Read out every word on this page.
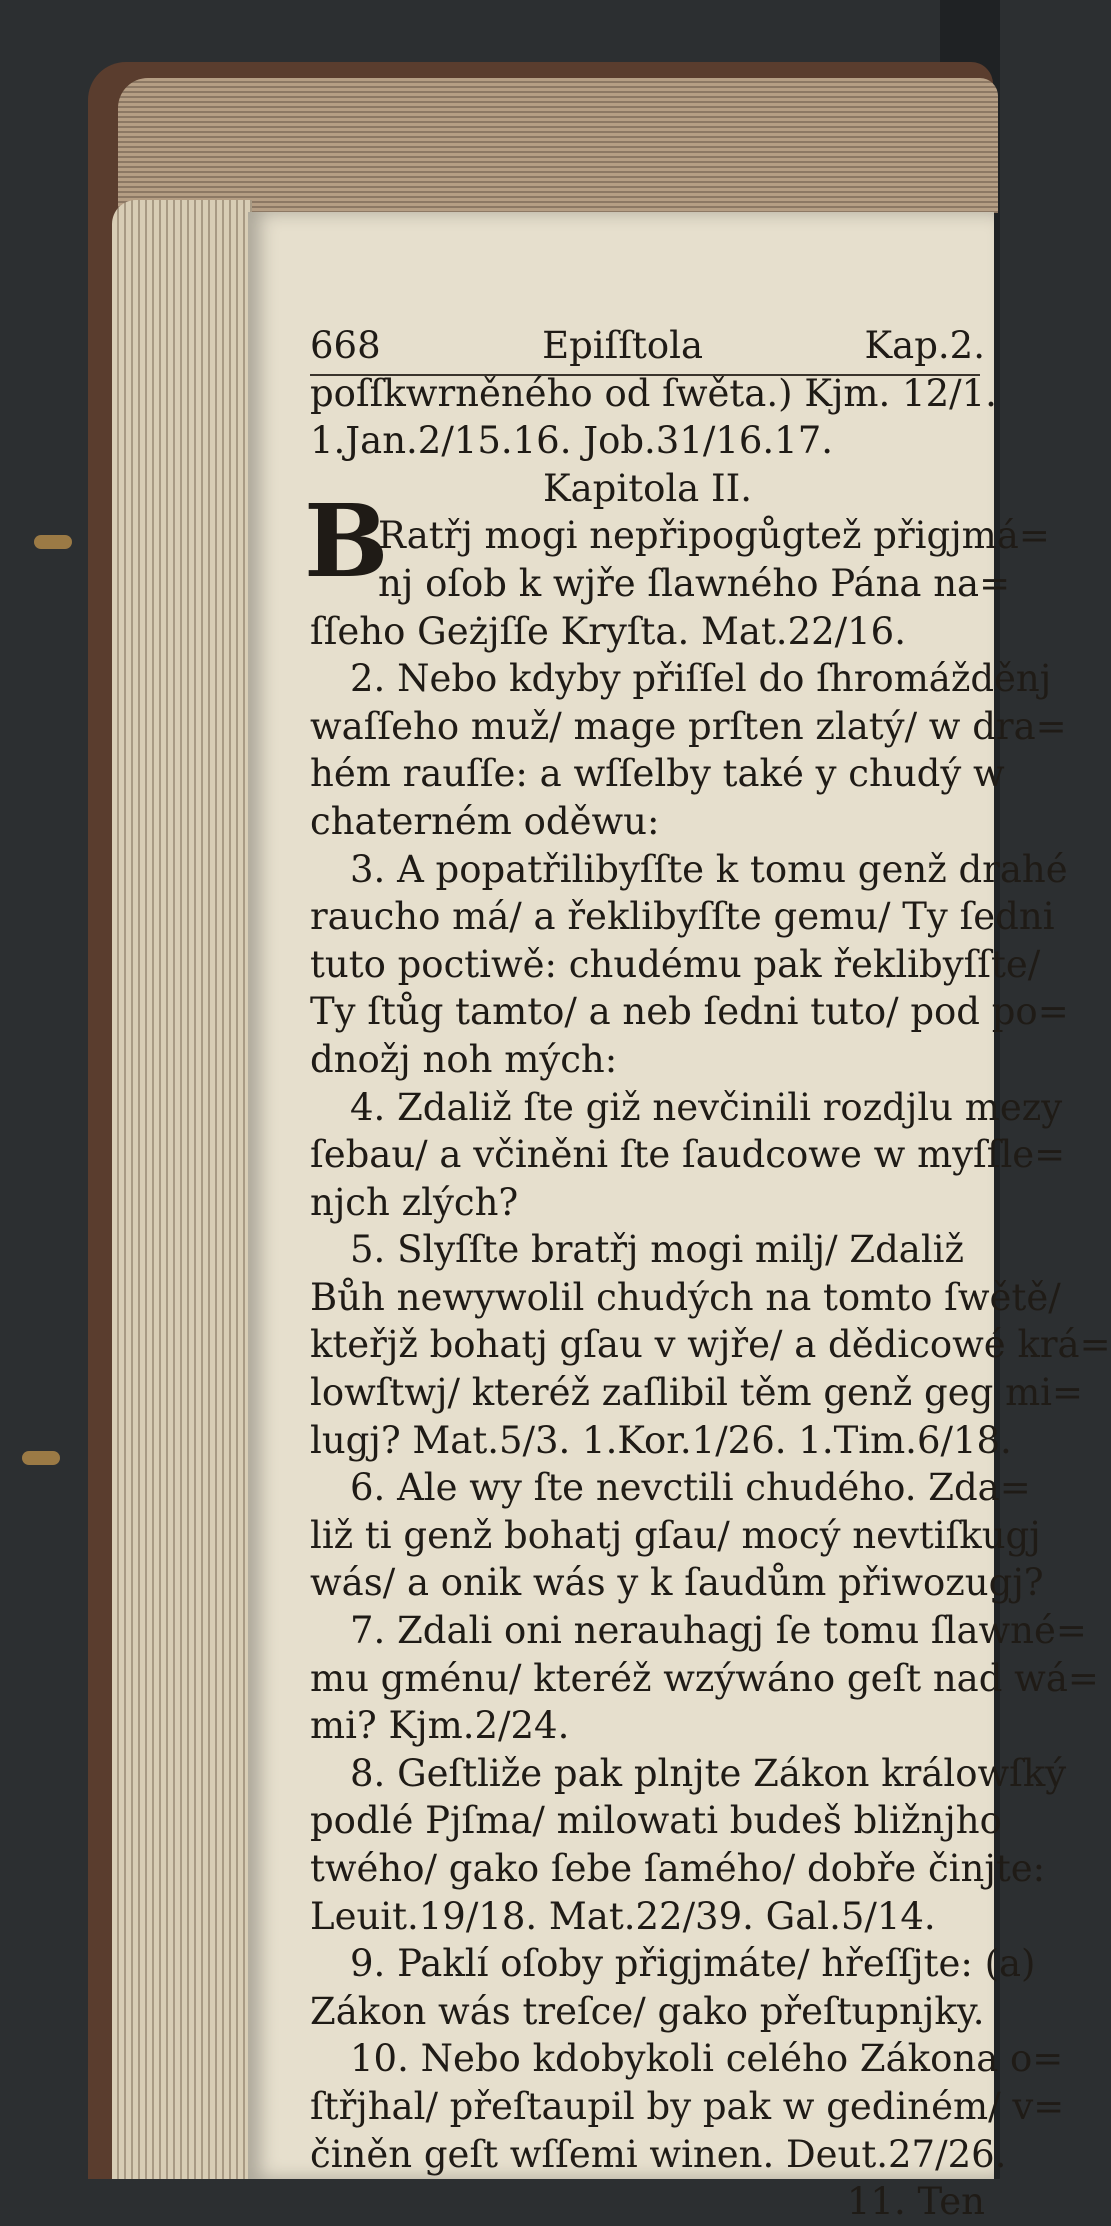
668	Epiſſtola	Kap.2.
poſſkwrněného od ſwěta.) Kjm. 12/1.
1.Jan.2/15.16. Job.31/16.17.
Kapitola II.
B
Ratřj mogi nepřipogůgtež přigjmá=
nj oſob k wjře ſlawného Pána na=
ſſeho Geżjſſe Kryſta. Mat.22/16.
2. Nebo kdyby přiſſel do ſhromážděnj
waſſeho muž/ mage prſten zlatý/ w dra=
hém rauſſe: a wſſelby také y chudý w
chaterném oděwu:
3. A popatřilibyſſte k tomu genž drahé
raucho má/ a řeklibyſſte gemu/ Ty ſedni
tuto poctiwě: chudému pak řeklibyſſte/
Ty ſtůg tamto/ a neb ſedni tuto/ pod po=
dnožj noh mých:
4. Zdaliž ſte giž nevčinili rozdjlu mezy
ſebau/ a včiněni ſte ſaudcowe w myſſle=
njch zlých?
5. Slyſſte bratřj mogi milj/ Zdaliž
Bůh newywolil chudých na tomto ſwětě/
kteřjž bohatj gſau v wjře/ a dědicowé krá=
lowſtwj/ kteréž zaſlibil těm genž geg mi=
lugj? Mat.5/3. 1.Kor.1/26. 1.Tim.6/18.
6. Ale wy ſte nevctili chudého. Zda=
liž ti genž bohatj gſau/ mocý nevtiſkugj
wás/ a onik wás y k ſaudům přiwozugj?
7. Zdali oni nerauhagj ſe tomu ſlawné=
mu gménu/ kteréž wzýwáno geſt nad wá=
mi? Kjm.2/24.
8. Geſtliže pak plnjte Zákon králowſký
podlé Pjſma/ milowati budeš bližnjho
twého/ gako ſebe ſamého/ dobře činjte:
Leuit.19/18. Mat.22/39. Gal.5/14.
9. Paklí oſoby přigjmáte/ hřeſſjte: (a)
Zákon wás treſce/ gako přeſtupnjky.
10. Nebo kdobykoli celého Zákona o=
ſtřjhal/ přeſtaupil by pak w gediném/ v=
činěn geſt wſſemi winen. Deut.27/26.
11. Ten
